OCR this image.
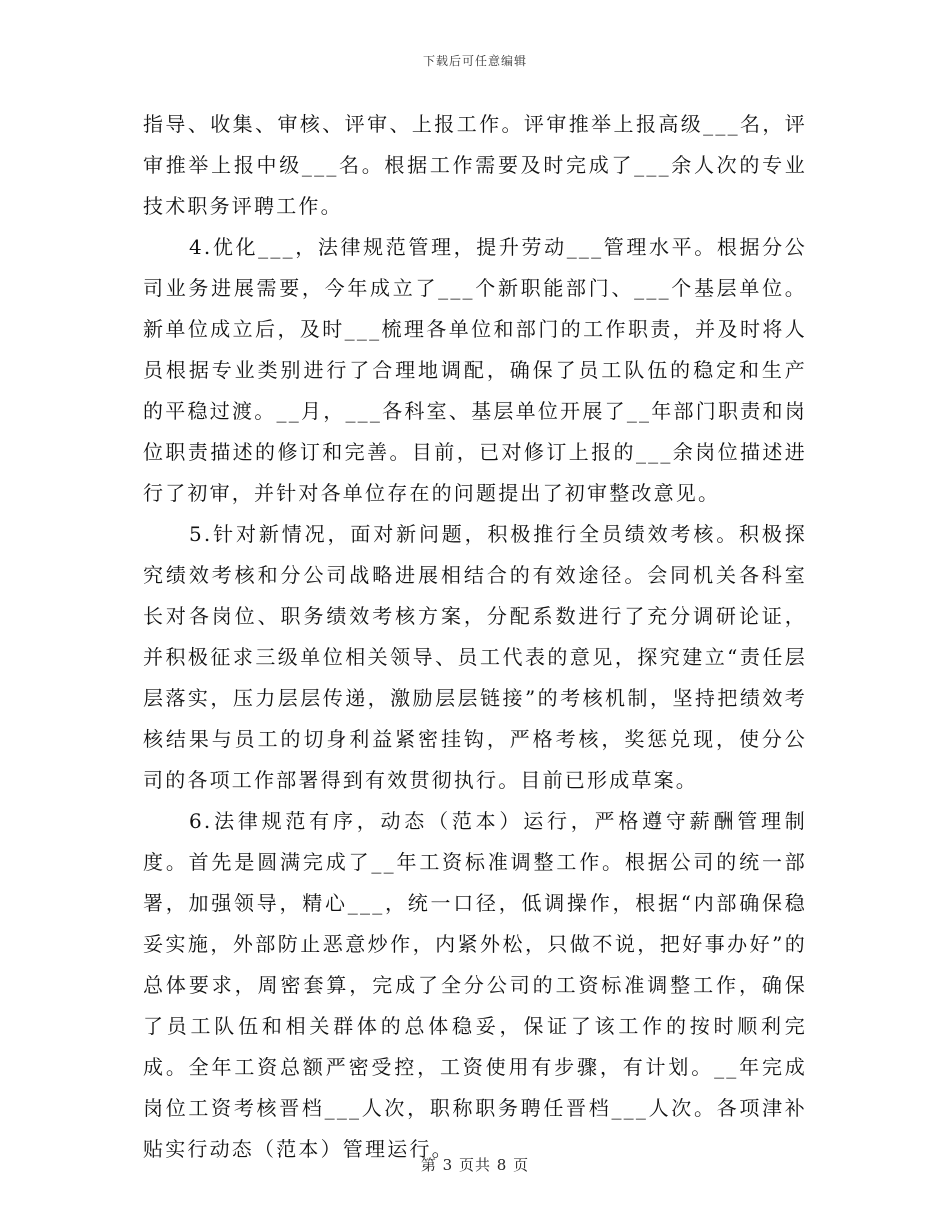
下载后可任意编辑

指导、收集、审核、评审、上报工作。评审推举上报高级___名，评审推举上报中级___名。根据工作需要及时完成了___余人次的专业技术职务评聘工作。

4.优化___，法律规范管理，提升劳动___管理水平。根据分公司业务进展需要，今年成立了___个新职能部门、___个基层单位。新单位成立后，及时___梳理各单位和部门的工作职责，并及时将人员根据专业类别进行了合理地调配，确保了员工队伍的稳定和生产的平稳过渡。__月，___各科室、基层单位开展了__年部门职责和岗位职责描述的修订和完善。目前，已对修订上报的___余岗位描述进行了初审，并针对各单位存在的问题提出了初审整改意见。

5.针对新情况，面对新问题，积极推行全员绩效考核。积极探究绩效考核和分公司战略进展相结合的有效途径。会同机关各科室长对各岗位、职务绩效考核方案，分配系数进行了充分调研论证，并积极征求三级单位相关领导、员工代表的意见，探究建立“责任层层落实，压力层层传递，激励层层链接”的考核机制，坚持把绩效考核结果与员工的切身利益紧密挂钩，严格考核，奖惩兑现，使分公司的各项工作部署得到有效贯彻执行。目前已形成草案。

6.法律规范有序，动态（范本）运行，严格遵守薪酬管理制度。首先是圆满完成了__年工资标准调整工作。根据公司的统一部署，加强领导，精心___，统一口径，低调操作，根据“内部确保稳妥实施，外部防止恶意炒作，内紧外松，只做不说，把好事办好”的总体要求，周密套算，完成了全分公司的工资标准调整工作，确保了员工队伍和相关群体的总体稳妥，保证了该工作的按时顺利完成。全年工资总额严密受控，工资使用有步骤，有计划。__年完成岗位工资考核晋档___人次，职称职务聘任晋档___人次。各项津补贴实行动态（范本）管理运行。

第 3 页共 8 页
